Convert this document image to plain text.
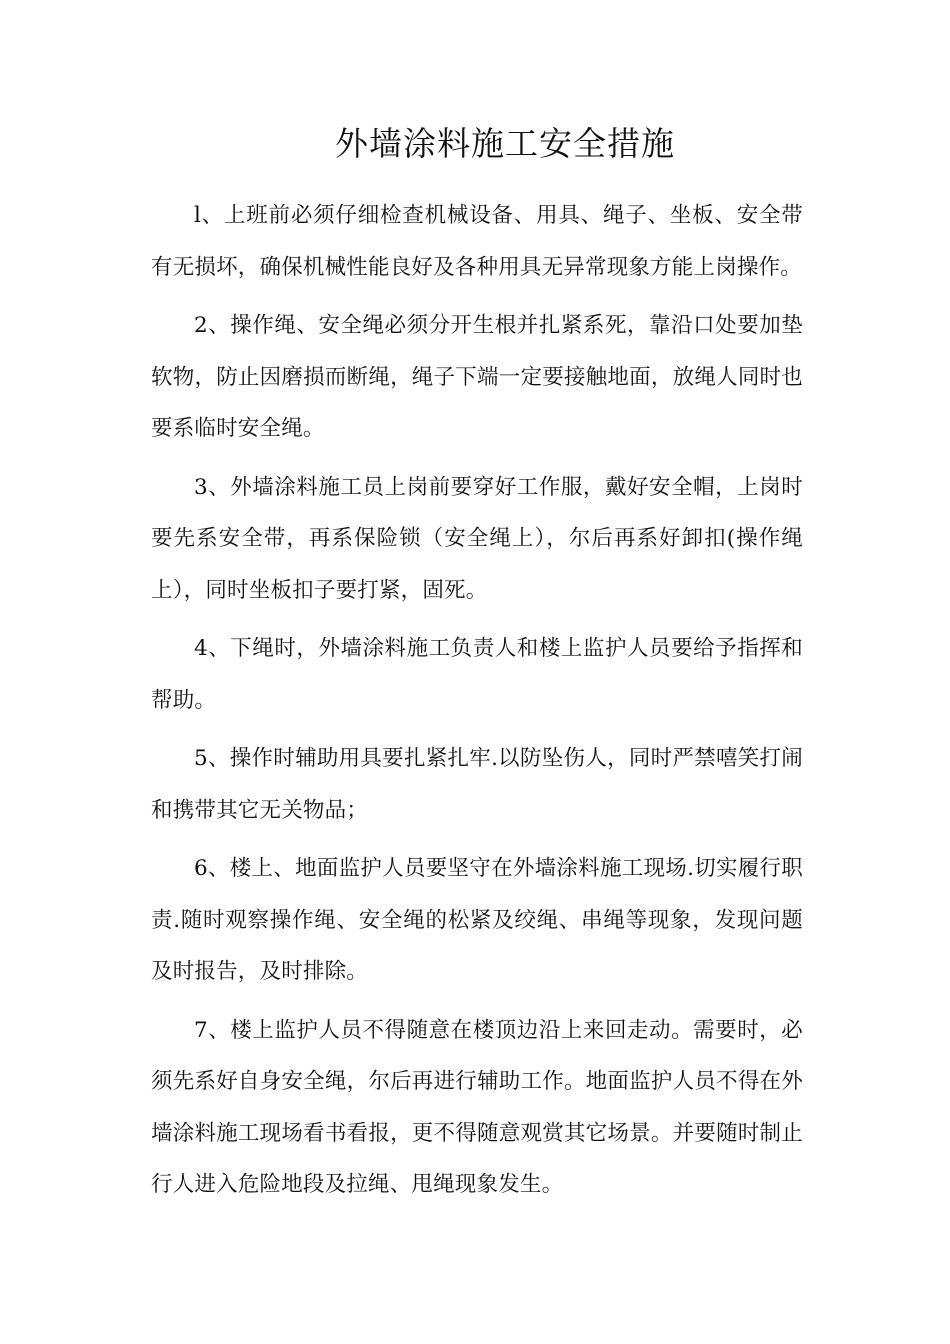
外墙涂料施工安全措施

l、上班前必须仔细检查机械设备、用具、绳子、坐板、安全带有无损坏，确保机械性能良好及各种用具无异常现象方能上岗操作。

2、操作绳、安全绳必须分开生根并扎紧系死，靠沿口处要加垫软物，防止因磨损而断绳，绳子下端一定要接触地面，放绳人同时也要系临时安全绳。

3、外墙涂料施工员上岗前要穿好工作服，戴好安全帽，上岗时要先系安全带，再系保险锁（安全绳上），尔后再系好卸扣(操作绳上），同时坐板扣子要打紧，固死。

4、下绳时，外墙涂料施工负责人和楼上监护人员要给予指挥和帮助。

5、操作时辅助用具要扎紧扎牢.以防坠伤人，同时严禁嘻笑打闹和携带其它无关物品；

6、楼上、地面监护人员要坚守在外墙涂料施工现场.切实履行职责.随时观察操作绳、安全绳的松紧及绞绳、串绳等现象，发现问题及时报告，及时排除。

7、楼上监护人员不得随意在楼顶边沿上来回走动。需要时，必须先系好自身安全绳，尔后再进行辅助工作。地面监护人员不得在外墙涂料施工现场看书看报，更不得随意观赏其它场景。并要随时制止行人进入危险地段及拉绳、甩绳现象发生。
